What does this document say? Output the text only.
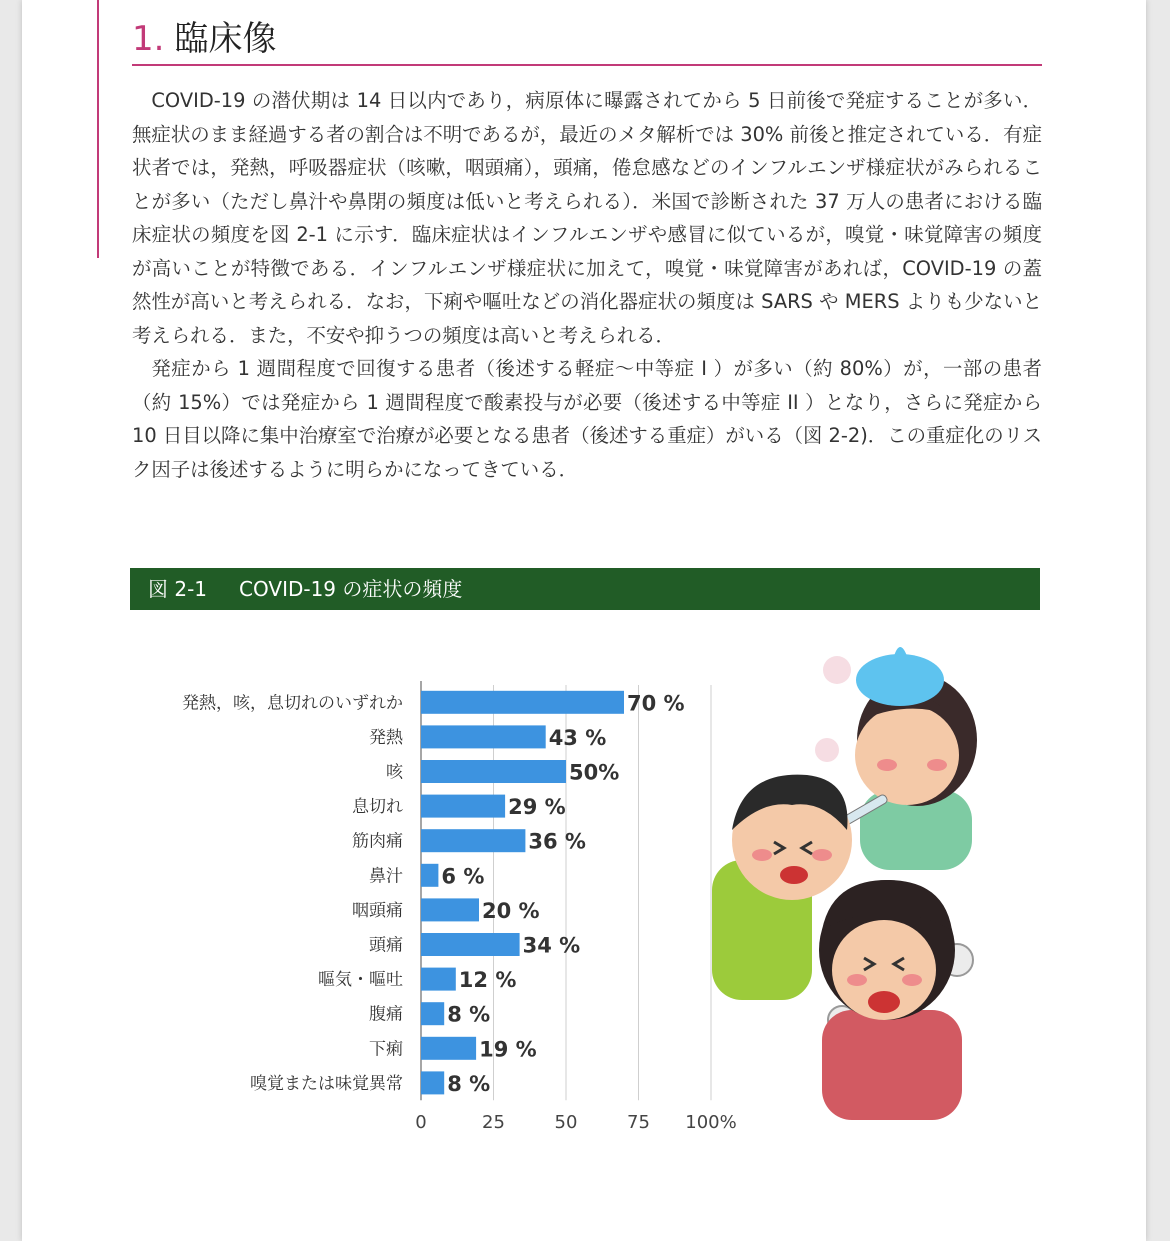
1. 臨床像

COVID-19 の潜伏期は 14 日以内であり，病原体に曝露されてから 5 日前後で発症することが多い．無症状のまま経過する者の割合は不明であるが，最近のメタ解析では 30% 前後と推定されている．有症状者では，発熱，呼吸器症状（咳嗽，咽頭痛），頭痛，倦怠感などのインフルエンザ様症状がみられることが多い（ただし鼻汁や鼻閉の頻度は低いと考えられる）．米国で診断された 37 万人の患者における臨床症状の頻度を図 2-1 に示す．臨床症状はインフルエンザや感冒に似ているが，嗅覚・味覚障害の頻度が高いことが特徴である．インフルエンザ様症状に加えて，嗅覚・味覚障害があれば，COVID-19 の蓋然性が高いと考えられる．なお，下痢や嘔吐などの消化器症状の頻度は SARS や MERS よりも少ないと考えられる．また，不安や抑うつの頻度は高いと考えられる．

発症から 1 週間程度で回復する患者（後述する軽症〜中等症 I ）が多い（約 80%）が，一部の患者（約 15%）では発症から 1 週間程度で酸素投与が必要（後述する中等症 II ）となり，さらに発症から 10 日目以降に集中治療室で治療が必要となる患者（後述する重症）がいる（図 2-2)．この重症化のリスク因子は後述するように明らかになってきている．

図 2-1 COVID-19 の症状の頻度
0	25	50	75 100%
発熱，咳，息切れのいずれか	70 %
発熱	43 %
咳	50%
息切れ	29 %
筋肉痛	36 %
鼻汁 6 %
咽頭痛	20 %
頭痛	34 %
嘔気・嘔吐	12 %
腹痛 8 %
下痢	19 %
嗅覚または味覚異常 8 %
